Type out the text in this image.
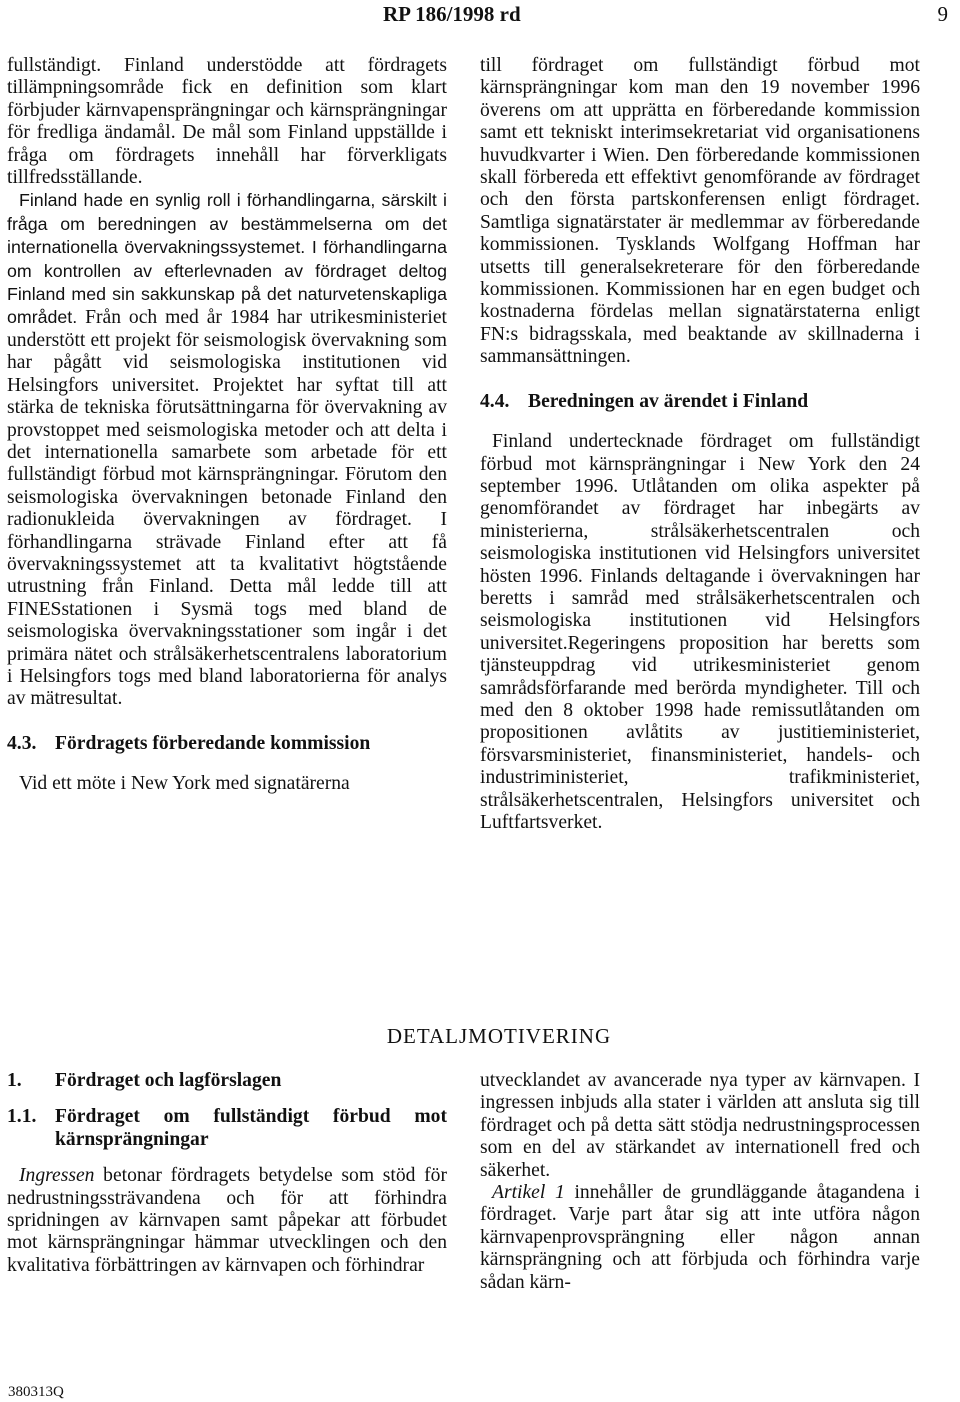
RP 186/1998 rd	9

fullständigt. Finland understödde att fördragets tillämpningsområde fick en definition som klart förbjuder kärnvapensprängningar och kärnsprängningar för fredliga ändamål. De mål som Finland uppställde i fråga om fördragets innehåll har förverkligats tillfredsställande.

Finland hade en synlig roll i förhandlingarna, särskilt i fråga om beredningen av bestämmelserna om det internationella övervakningssystemet. I förhandlingarna om kontrollen av efterlevnaden av fördraget deltog Finland med sin sakkunskap på det naturvetenskapliga området. Från och med år 1984 har utrikesministeriet understött ett projekt för seismologisk övervakning som har pågått vid seismologiska institutionen vid Helsingfors universitet. Projektet har syftat till att stärka de tekniska förutsättningarna för övervakning av provstoppet med seismologiska metoder och att delta i det internationella samarbete som arbetade för ett fullständigt förbud mot kärnsprängningar. Förutom den seismologiska övervakningen betonade Finland den radionukleida övervakningen av fördraget. I förhandlingarna strävade Finland efter att få övervakningssystemet att ta kvalitativt högtstående utrustning från Finland. Detta mål ledde till att FINESstationen i Sysmä togs med bland de seismologiska övervakningsstationer som ingår i det primära nätet och strålsäkerhetscentralens laboratorium i Helsingfors togs med bland laboratorierna för analys av mätresultat.

4.3. Fördragets förberedande kommission

Vid ett möte i New York med signatärerna

till fördraget om fullständigt förbud mot kärnsprängningar kom man den 19 november 1996 överens om att upprätta en förberedande kommission samt ett tekniskt interimsekretariat vid organisationens huvudkvarter i Wien. Den förberedande kommissionen skall förbereda ett effektivt genomförande av fördraget och den första partskonferensen enligt fördraget. Samtliga signatärstater är medlemmar av förberedande kommissionen. Tysklands Wolfgang Hoffman har utsetts till generalsekreterare för den förberedande kommissionen. Kommissionen har en egen budget och kostnaderna fördelas mellan signatärstaterna enligt FN:s bidragsskala, med beaktande av skillnaderna i sammansättningen.

4.4. Beredningen av ärendet i Finland

Finland undertecknade fördraget om fullständigt förbud mot kärnsprängningar i New York den 24 september 1996. Utlåtanden om olika aspekter på genomförandet av fördraget har inbegärts av ministerierna, strålsäkerhetscentralen och seismologiska institutionen vid Helsingfors universitet hösten 1996. Finlands deltagande i övervakningen har beretts i samråd med strålsäkerhetscentralen och seismologiska institutionen vid Helsingfors universitet.Regeringens proposition har beretts som tjänsteuppdrag vid utrikesministeriet genom samrådsförfarande med berörda myndigheter. Till och med den 8 oktober 1998 hade remissutlåtanden om propositionen avlåtits av justitieministeriet, försvarsministeriet, finansministeriet, handels- och industriministeriet, trafikministeriet, strålsäkerhetscentralen, Helsingfors universitet och Luftfartsverket.

DETALJMOTIVERING

1.	Fördraget och lagförslagen

1.1. Fördraget om fullständigt förbud mot kärnsprängningar

Ingressen betonar fördragets betydelse som stöd för nedrustningssträvandena och för att förhindra spridningen av kärnvapen samt påpekar att förbudet mot kärnsprängningar hämmar utvecklingen och den kvalitativa förbättringen av kärnvapen och förhindrar

utvecklandet av avancerade nya typer av kärnvapen. I ingressen inbjuds alla stater i världen att ansluta sig till fördraget och på detta sätt stödja nedrustningsprocessen som en del av stärkandet av internationell fred och säkerhet.

Artikel 1 innehåller de grundläggande åtagandena i fördraget. Varje part åtar sig att inte utföra någon kärnvapenprovsprängning eller någon annan kärnsprängning och att förbjuda och förhindra varje sådan kärn-

380313Q
